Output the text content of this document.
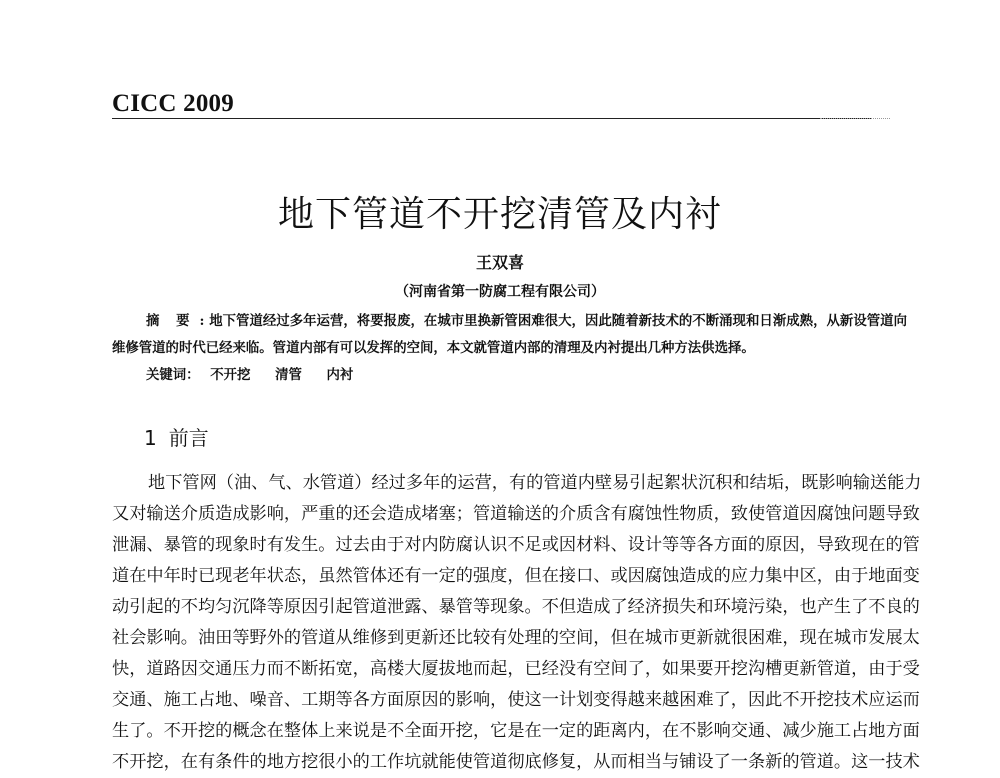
CICC 2009
地下管道不开挖清管及内衬
王双喜
（河南省第一防腐工程有限公司）
摘 要 : 地下管道经过多年运营，将要报废，在城市里换新管困难很大，因此随着新技术的不断涌现和日渐成熟，从新设管道向维修管道的时代已经来临。管道内部有可以发挥的空间，本文就管道内部的清理及内衬提出几种方法供选择。
关键词： 不开挖 清管 内衬
1 前言
地下管网（油、气、水管道）经过多年的运营，有的管道内壁易引起絮状沉积和结垢，既影响输送能力
又对输送介质造成影响，严重的还会造成堵塞；管道输送的介质含有腐蚀性物质，致使管道因腐蚀问题导致
泄漏、暴管的现象时有发生。过去由于对内防腐认识不足或因材料、设计等等各方面的原因，导致现在的管
道在中年时已现老年状态，虽然管体还有一定的强度，但在接口、或因腐蚀造成的应力集中区，由于地面变
动引起的不均匀沉降等原因引起管道泄露、暴管等现象。不但造成了经济损失和环境污染，也产生了不良的
社会影响。油田等野外的管道从维修到更新还比较有处理的空间，但在城市更新就很困难，现在城市发展太
快，道路因交通压力而不断拓宽，高楼大厦拔地而起，已经没有空间了，如果要开挖沟槽更新管道，由于受
交通、施工占地、噪音、工期等各方面原因的影响，使这一计划变得越来越困难了，因此不开挖技术应运而
生了。不开挖的概念在整体上来说是不全面开挖，它是在一定的距离内，在不影响交通、减少施工占地方面
不开挖，在有条件的地方挖很小的工作坑就能使管道彻底修复，从而相当与铺设了一条新的管道。这一技术
